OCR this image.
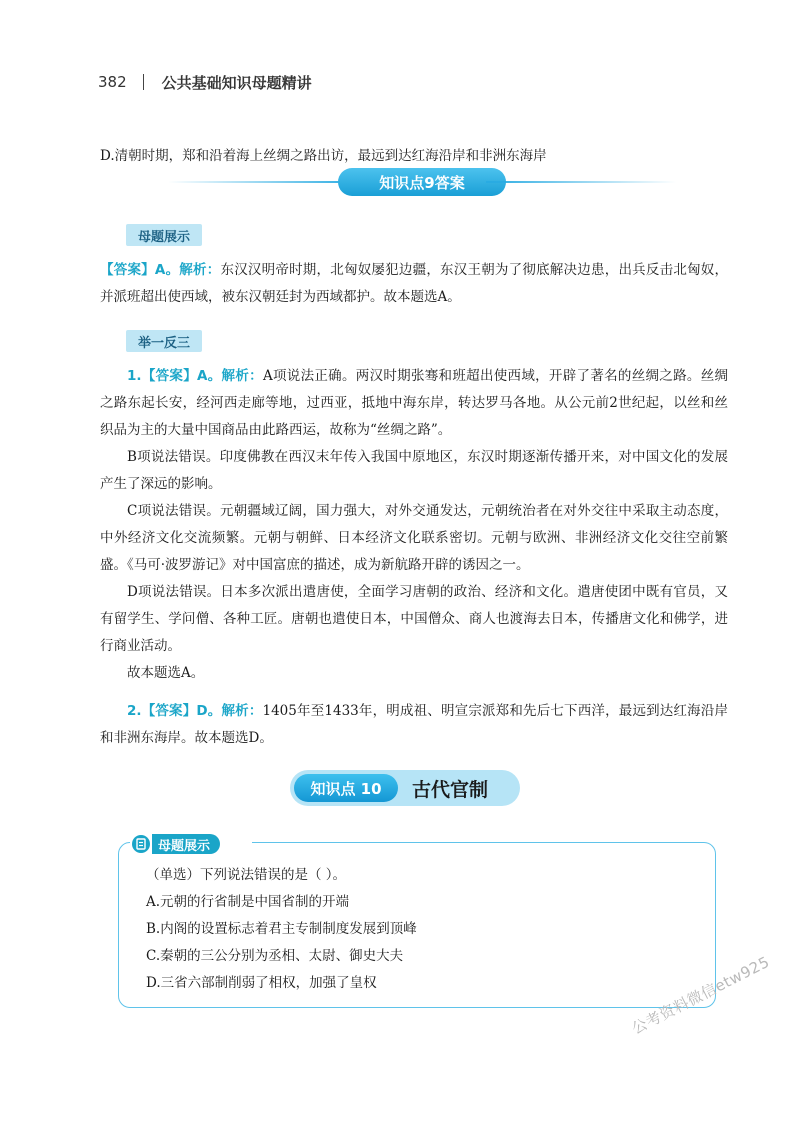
382 公共基础知识母题精讲

D.清朝时期，郑和沿着海上丝绸之路出访，最远到达红海沿岸和非洲东海岸

知识点9答案
母题展示

【答案】A。解析：东汉汉明帝时期，北匈奴屡犯边疆，东汉王朝为了彻底解决边患，出兵反击北匈奴，并派班超出使西域，被东汉朝廷封为西域都护。故本题选A。

举一反三

1.【答案】A。解析：A项说法正确。两汉时期张骞和班超出使西域，开辟了著名的丝绸之路。丝绸之路东起长安，经河西走廊等地，过西亚，抵地中海东岸，转达罗马各地。从公元前2世纪起，以丝和丝织品为主的大量中国商品由此路西运，故称为“丝绸之路”。

B项说法错误。印度佛教在西汉末年传入我国中原地区，东汉时期逐渐传播开来，对中国文化的发展产生了深远的影响。

C项说法错误。元朝疆域辽阔，国力强大，对外交通发达，元朝统治者在对外交往中采取主动态度，中外经济文化交流频繁。元朝与朝鲜、日本经济文化联系密切。元朝与欧洲、非洲经济文化交往空前繁盛。《马可·波罗游记》对中国富庶的描述，成为新航路开辟的诱因之一。

D项说法错误。日本多次派出遣唐使，全面学习唐朝的政治、经济和文化。遣唐使团中既有官员，又有留学生、学问僧、各种工匠。唐朝也遣使日本，中国僧众、商人也渡海去日本，传播唐文化和佛学，进行商业活动。

故本题选A。

2.【答案】D。解析：1405年至1433年，明成祖、明宣宗派郑和先后七下西洋，最远到达红海沿岸和非洲东海岸。故本题选D。

知识点 10	古代官制
母题展示

（单选）下列说法错误的是（ ）。

A.元朝的行省制是中国省制的开端

B.内阁的设置标志着君主专制制度发展到顶峰

C.秦朝的三公分别为丞相、太尉、御史大夫

D.三省六部制削弱了相权，加强了皇权	公考资料微信etw925
